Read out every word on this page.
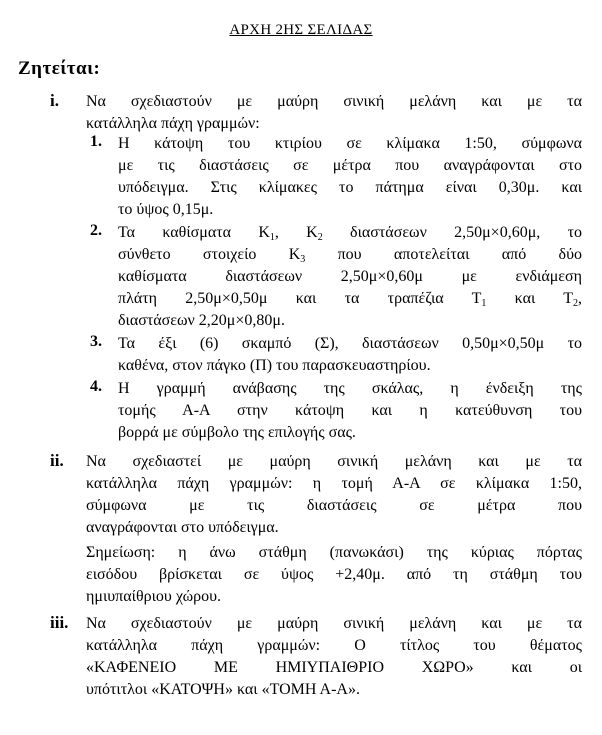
ΑΡΧΗ 2ΗΣ ΣΕΛΙΔΑΣ
Ζητείται:
i. Να σχεδιαστούν με μαύρη σινική μελάνη και με τα
κατάλληλα πάχη γραμμών:
1. Η κάτοψη του κτιρίου σε κλίμακα 1:50, σύμφωνα
με τις διαστάσεις σε μέτρα που αναγράφονται στο
υπόδειγμα. Στις κλίμακες το πάτημα είναι 0,30μ. και
το ύψος 0,15μ.
2. Τα καθίσματα $K_1$, $K_2$ διαστάσεων 2,50μ×0,60μ, το
σύνθετο στοιχείο $K_3$ που αποτελείται από δύο
καθίσματα διαστάσεων 2,50μ×0,60μ με ενδιάμεση
πλάτη 2,50μ×0,50μ και τα τραπέζια $T_1$ και $T_2$,
διαστάσεων 2,20μ×0,80μ.
3. Τα έξι (6) σκαμπό (Σ), διαστάσεων 0,50μ×0,50μ το
καθένα, στον πάγκο (Π) του παρασκευαστηρίου.
4. Η γραμμή ανάβασης της σκάλας, η ένδειξη της
τομής Α-Α στην κάτοψη και η κατεύθυνση του
βορρά με σύμβολο της επιλογής σας.
ii. Να σχεδιαστεί με μαύρη σινική μελάνη και με τα
κατάλληλα πάχη γραμμών: η τομή Α-Α σε κλίμακα 1:50,
σύμφωνα με τις διαστάσεις σε μέτρα που
αναγράφονται στο υπόδειγμα.
Σημείωση: η άνω στάθμη (πανωκάσι) της κύριας πόρτας
εισόδου βρίσκεται σε ύψος +2,40μ. από τη στάθμη του
ημιυπαίθριου χώρου.
iii. Να σχεδιαστούν με μαύρη σινική μελάνη και με τα
κατάλληλα πάχη γραμμών: Ο τίτλος του θέματος
«ΚΑΦΕΝΕΙΟ ΜΕ ΗΜΙΥΠΑΙΘΡΙΟ ΧΩΡΟ» και οι
υπότιτλοι «ΚΑΤΟΨΗ» και «ΤΟΜΗ Α-Α».
